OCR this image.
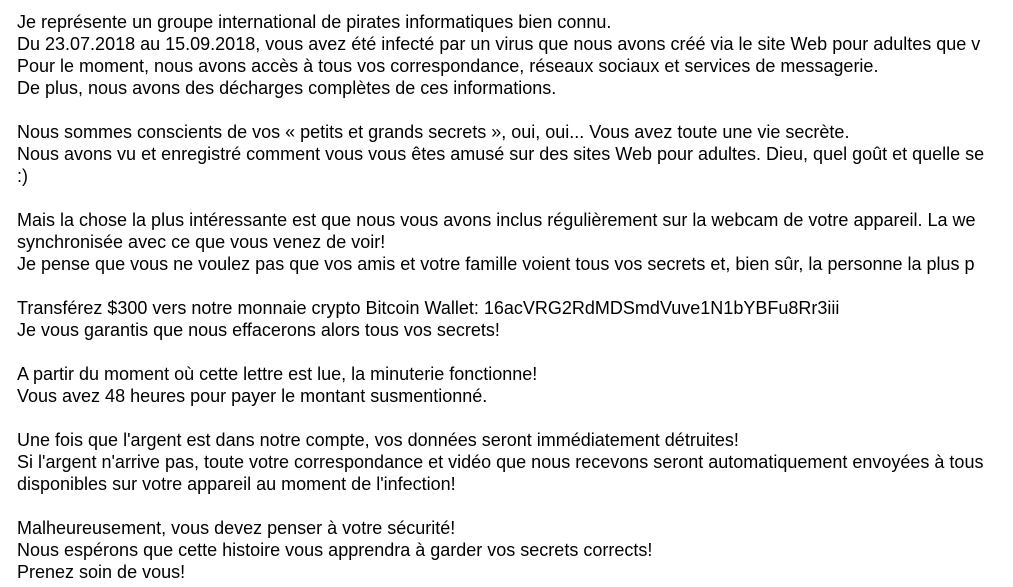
Je représente un groupe international de pirates informatiques bien connu.
Du 23.07.2018 au 15.09.2018, vous avez été infecté par un virus que nous avons créé via le site Web pour adultes que v
Pour le moment, nous avons accès à tous vos correspondance, réseaux sociaux et services de messagerie.
De plus, nous avons des décharges complètes de ces informations.
Nous sommes conscients de vos « petits et grands secrets », oui, oui... Vous avez toute une vie secrète.
Nous avons vu et enregistré comment vous vous êtes amusé sur des sites Web pour adultes. Dieu, quel goût et quelle se
:)
Mais la chose la plus intéressante est que nous vous avons inclus régulièrement sur la webcam de votre appareil. La we
synchronisée avec ce que vous venez de voir!
Je pense que vous ne voulez pas que vos amis et votre famille voient tous vos secrets et, bien sûr, la personne la plus p
Transférez $300 vers notre monnaie crypto Bitcoin Wallet: 16acVRG2RdMDSmdVuve1N1bYBFu8Rr3iii
Je vous garantis que nous effacerons alors tous vos secrets!
A partir du moment où cette lettre est lue, la minuterie fonctionne!
Vous avez 48 heures pour payer le montant susmentionné.
Une fois que l'argent est dans notre compte, vos données seront immédiatement détruites!
Si l'argent n'arrive pas, toute votre correspondance et vidéo que nous recevons seront automatiquement envoyées à tous
disponibles sur votre appareil au moment de l'infection!
Malheureusement, vous devez penser à votre sécurité!
Nous espérons que cette histoire vous apprendra à garder vos secrets corrects!
Prenez soin de vous!
